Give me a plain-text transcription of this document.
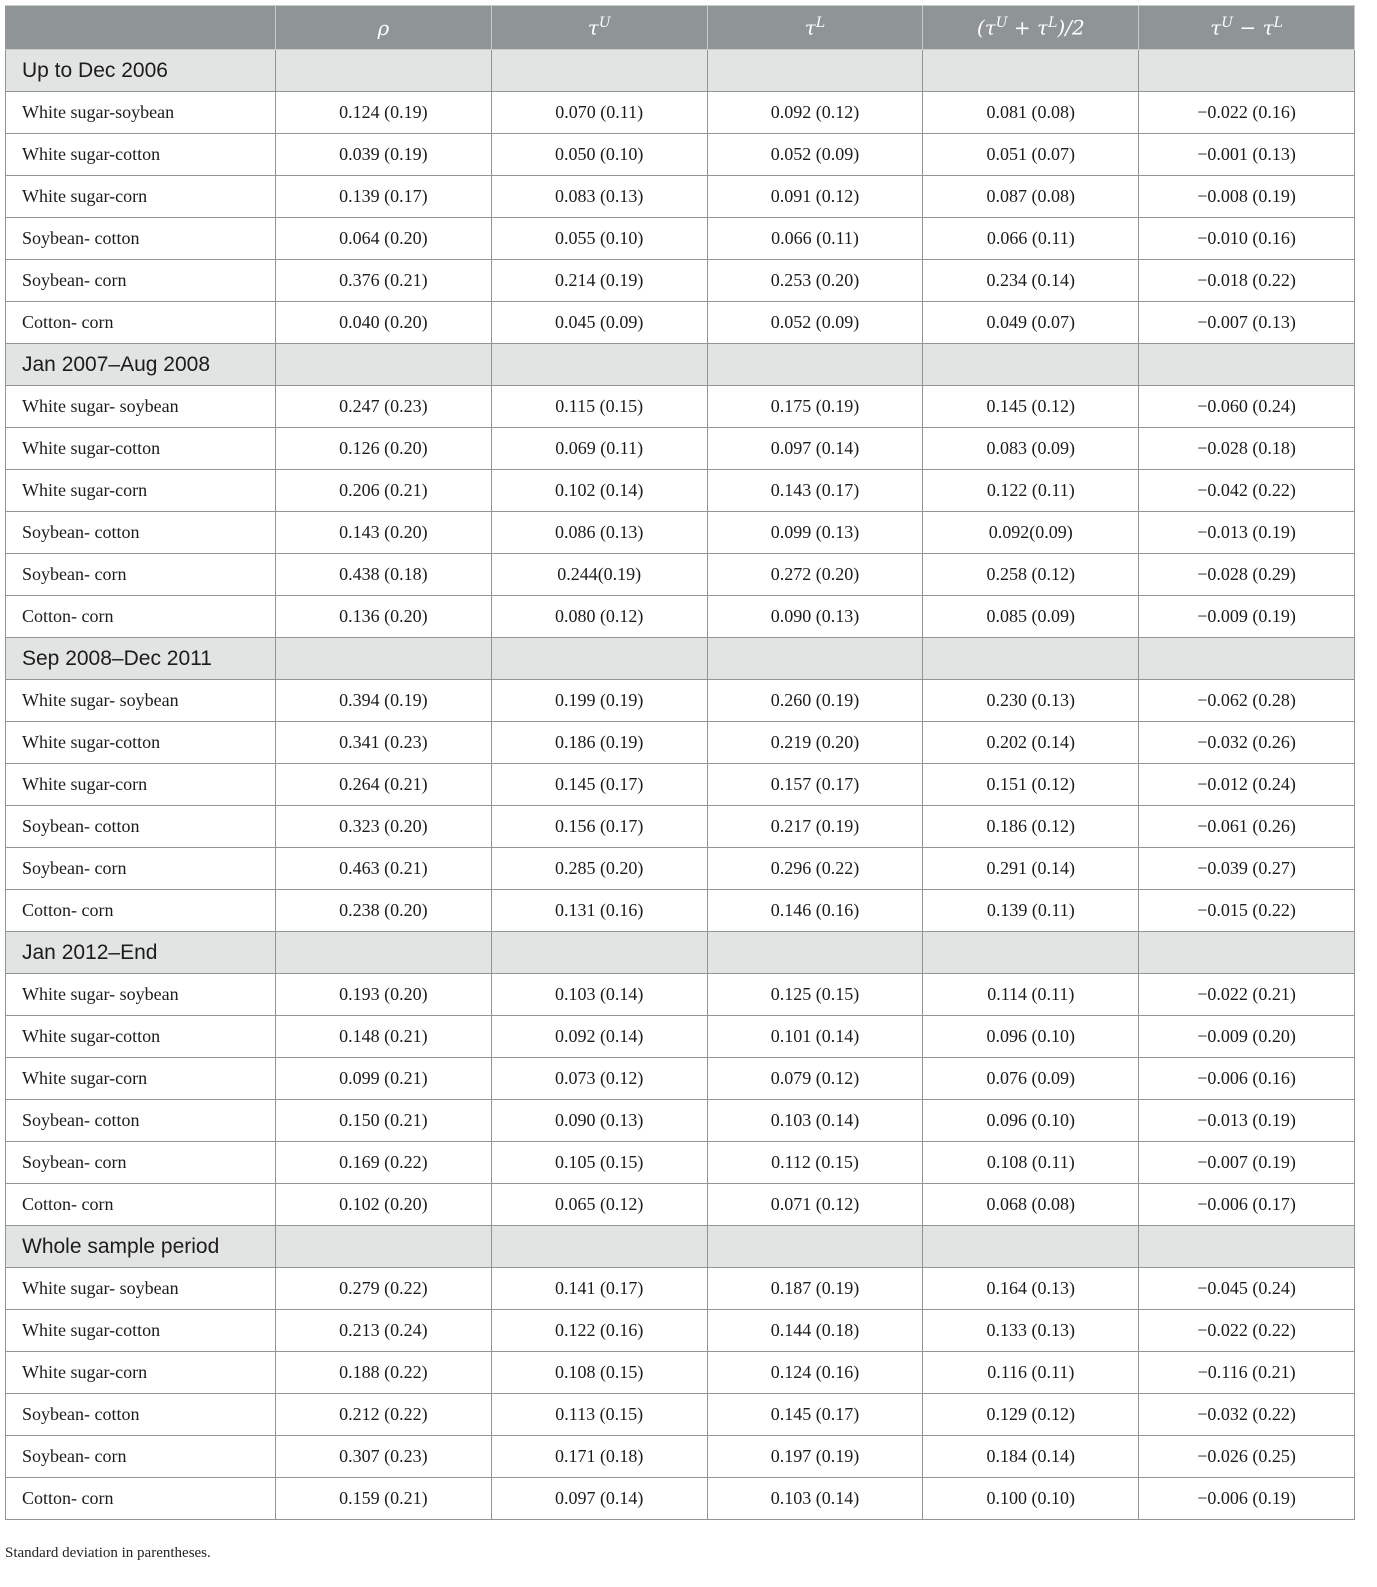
	ρ	$\tau^U$	$\tau^L$	$(\tau^U + \tau^L)/2$	$\tau^U - \tau^L$
Up to Dec 2006					
White sugar-soybean	0.124 (0.19)	0.070 (0.11)	0.092 (0.12)	0.081 (0.08)	−0.022 (0.16)
White sugar-cotton	0.039 (0.19)	0.050 (0.10)	0.052 (0.09)	0.051 (0.07)	−0.001 (0.13)
White sugar-corn	0.139 (0.17)	0.083 (0.13)	0.091 (0.12)	0.087 (0.08)	−0.008 (0.19)
Soybean- cotton	0.064 (0.20)	0.055 (0.10)	0.066 (0.11)	0.066 (0.11)	−0.010 (0.16)
Soybean- corn	0.376 (0.21)	0.214 (0.19)	0.253 (0.20)	0.234 (0.14)	−0.018 (0.22)
Cotton- corn	0.040 (0.20)	0.045 (0.09)	0.052 (0.09)	0.049 (0.07)	−0.007 (0.13)
Jan 2007–Aug 2008					
White sugar- soybean	0.247 (0.23)	0.115 (0.15)	0.175 (0.19)	0.145 (0.12)	−0.060 (0.24)
White sugar-cotton	0.126 (0.20)	0.069 (0.11)	0.097 (0.14)	0.083 (0.09)	−0.028 (0.18)
White sugar-corn	0.206 (0.21)	0.102 (0.14)	0.143 (0.17)	0.122 (0.11)	−0.042 (0.22)
Soybean- cotton	0.143 (0.20)	0.086 (0.13)	0.099 (0.13)	0.092(0.09)	−0.013 (0.19)
Soybean- corn	0.438 (0.18)	0.244(0.19)	0.272 (0.20)	0.258 (0.12)	−0.028 (0.29)
Cotton- corn	0.136 (0.20)	0.080 (0.12)	0.090 (0.13)	0.085 (0.09)	−0.009 (0.19)
Sep 2008–Dec 2011					
White sugar- soybean	0.394 (0.19)	0.199 (0.19)	0.260 (0.19)	0.230 (0.13)	−0.062 (0.28)
White sugar-cotton	0.341 (0.23)	0.186 (0.19)	0.219 (0.20)	0.202 (0.14)	−0.032 (0.26)
White sugar-corn	0.264 (0.21)	0.145 (0.17)	0.157 (0.17)	0.151 (0.12)	−0.012 (0.24)
Soybean- cotton	0.323 (0.20)	0.156 (0.17)	0.217 (0.19)	0.186 (0.12)	−0.061 (0.26)
Soybean- corn	0.463 (0.21)	0.285 (0.20)	0.296 (0.22)	0.291 (0.14)	−0.039 (0.27)
Cotton- corn	0.238 (0.20)	0.131 (0.16)	0.146 (0.16)	0.139 (0.11)	−0.015 (0.22)
Jan 2012–End					
White sugar- soybean	0.193 (0.20)	0.103 (0.14)	0.125 (0.15)	0.114 (0.11)	−0.022 (0.21)
White sugar-cotton	0.148 (0.21)	0.092 (0.14)	0.101 (0.14)	0.096 (0.10)	−0.009 (0.20)
White sugar-corn	0.099 (0.21)	0.073 (0.12)	0.079 (0.12)	0.076 (0.09)	−0.006 (0.16)
Soybean- cotton	0.150 (0.21)	0.090 (0.13)	0.103 (0.14)	0.096 (0.10)	−0.013 (0.19)
Soybean- corn	0.169 (0.22)	0.105 (0.15)	0.112 (0.15)	0.108 (0.11)	−0.007 (0.19)
Cotton- corn	0.102 (0.20)	0.065 (0.12)	0.071 (0.12)	0.068 (0.08)	−0.006 (0.17)
Whole sample period					
White sugar- soybean	0.279 (0.22)	0.141 (0.17)	0.187 (0.19)	0.164 (0.13)	−0.045 (0.24)
White sugar-cotton	0.213 (0.24)	0.122 (0.16)	0.144 (0.18)	0.133 (0.13)	−0.022 (0.22)
White sugar-corn	0.188 (0.22)	0.108 (0.15)	0.124 (0.16)	0.116 (0.11)	−0.116 (0.21)
Soybean- cotton	0.212 (0.22)	0.113 (0.15)	0.145 (0.17)	0.129 (0.12)	−0.032 (0.22)
Soybean- corn	0.307 (0.23)	0.171 (0.18)	0.197 (0.19)	0.184 (0.14)	−0.026 (0.25)
Cotton- corn	0.159 (0.21)	0.097 (0.14)	0.103 (0.14)	0.100 (0.10)	−0.006 (0.19)
Standard deviation in parentheses.
